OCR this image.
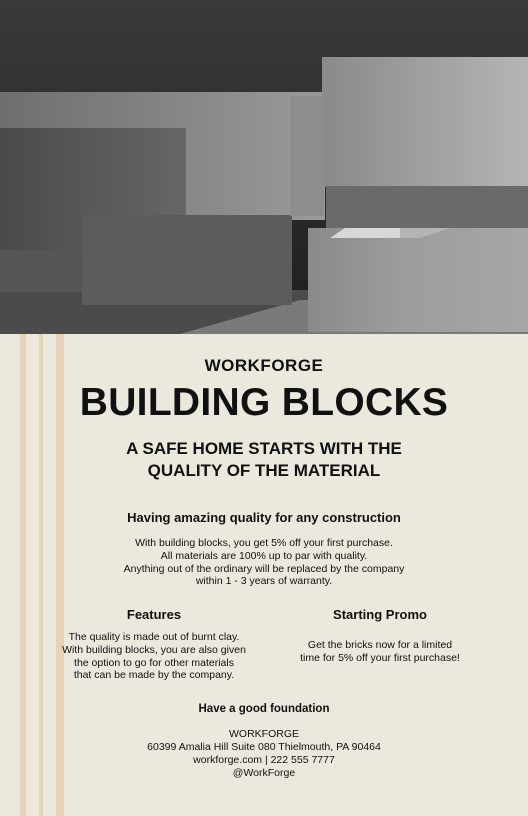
WORKFORGE
BUILDING BLOCKS
A SAFE HOME STARTS WITH THE
QUALITY OF THE MATERIAL
Having amazing quality for any construction
With building blocks, you get 5% off your first purchase.
All materials are 100% up to par with quality.
Anything out of the ordinary will be replaced by the company
within 1 - 3 years of warranty.
Features

The quality is made out of burnt clay.
With building blocks, you are also given
the option to go for other materials
that can be made by the company.

Starting Promo

Get the bricks now for a limited
time for 5% off your first purchase!

Have a good foundation
WORKFORGE
60399 Amalia Hill Suite 080 Thielmouth, PA 90464
workforge.com | 222 555 7777
@WorkForge
